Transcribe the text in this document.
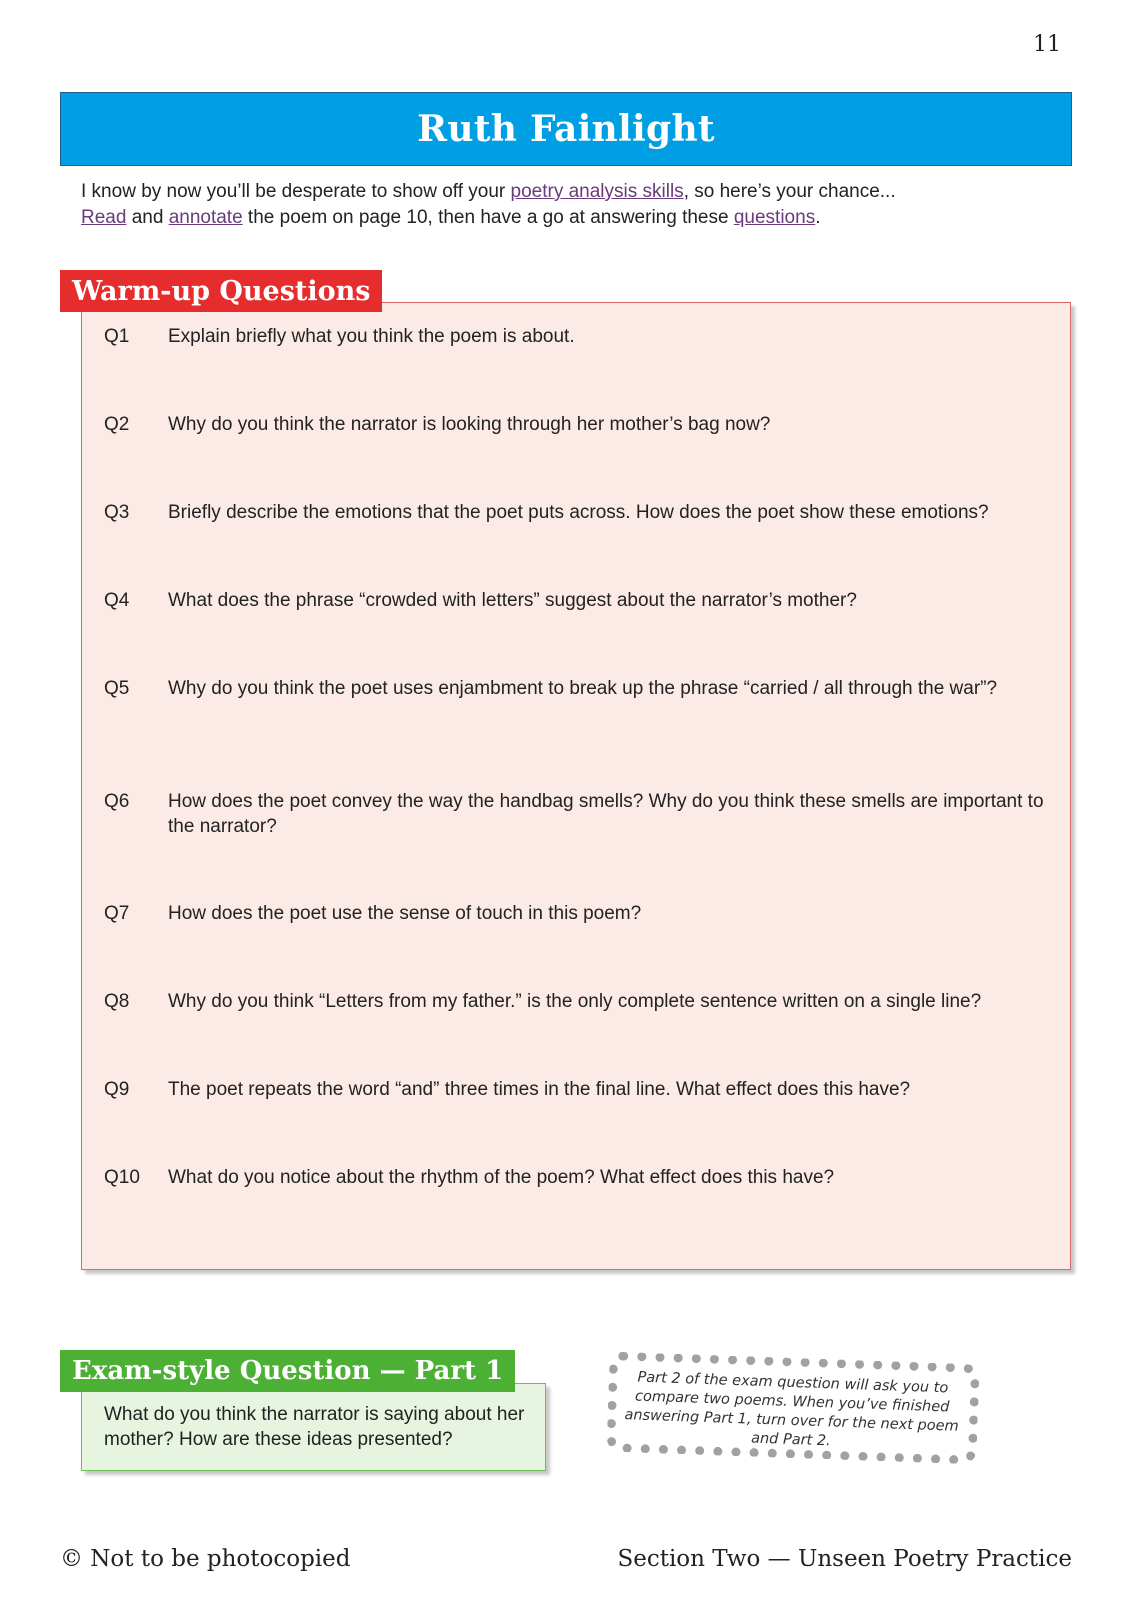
11
Ruth Fainlight
I know by now you’ll be desperate to show off your poetry analysis skills, so here’s your chance...
Read and annotate the poem on page 10, then have a go at answering these questions.
Q1 Explain briefly what you think the poem is about.
Q2 Why do you think the narrator is looking through her mother’s bag now?
Q3 Briefly describe the emotions that the poet puts across. How does the poet show these emotions?
Q4 What does the phrase “crowded with letters” suggest about the narrator’s mother?
Q5 Why do you think the poet uses enjambment to break up the phrase “carried / all through the war”?
Q6 How does the poet convey the way the handbag smells? Why do you think these smells are important to the narrator?
Q7 How does the poet use the sense of touch in this poem?
Q8 Why do you think “Letters from my father.” is the only complete sentence written on a single line?
Q9 The poet repeats the word “and” three times in the final line. What effect does this have?
Q10 What do you notice about the rhythm of the poem? What effect does this have?
Warm-up Questions

What do you think the narrator is saying about her mother? How are these ideas presented?

Exam-style Question — Part 1	Part 2 of the exam question will ask you to compare two poems. When you’ve finished answering Part 1, turn over for the next poem and Part 2.
© Not to be photocopied	Section Two — Unseen Poetry Practice
